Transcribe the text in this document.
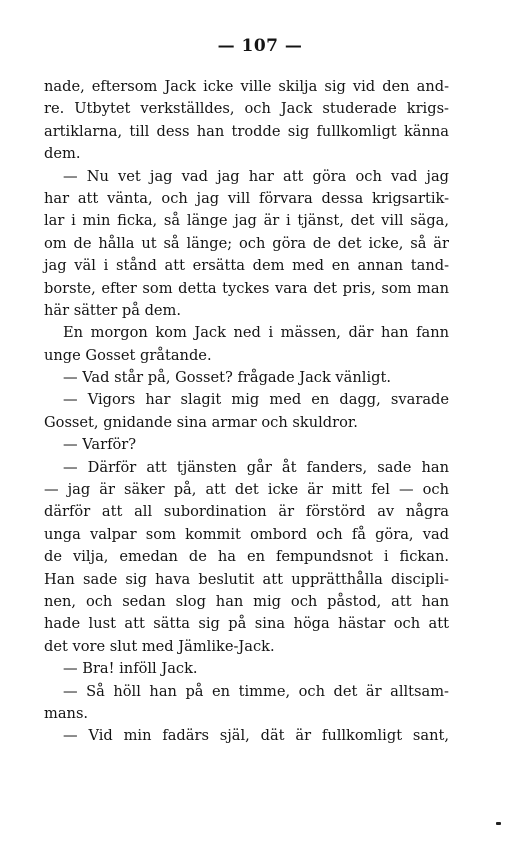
— 107 —
nade, eftersom Jack icke ville skilja sig vid den and-
re. Utbytet verkställdes, och Jack studerade krigs-
artiklarna, till dess han trodde sig fullkomligt känna
dem.
— Nu vet jag vad jag har att göra och vad jag
har att vänta, och jag vill förvara dessa krigsartik-
lar i min ficka, så länge jag är i tjänst, det vill säga,
om de hålla ut så länge; och göra de det icke, så är
jag väl i stånd att ersätta dem med en annan tand-
borste, efter som detta tyckes vara det pris, som man
här sätter på dem.
En morgon kom Jack ned i mässen, där han fann
unge Gosset gråtande.
— Vad står på, Gosset? frågade Jack vänligt.
— Vigors har slagit mig med en dagg, svarade
Gosset, gnidande sina armar och skuldror.
— Varför?
— Därför att tjänsten går åt fanders, sade han
— jag är säker på, att det icke är mitt fel — och
därför att all subordination är förstörd av några
unga valpar som kommit ombord och få göra, vad
de vilja, emedan de ha en fempundsnot i fickan.
Han sade sig hava beslutit att upprätthålla discipli-
nen, och sedan slog han mig och påstod, att han
hade lust att sätta sig på sina höga hästar och att
det vore slut med Jämlike-Jack.
— Bra! inföll Jack.
— Så höll han på en timme, och det är alltsam-
mans.
— Vid min fadärs själ, dät är fullkomligt sant,
